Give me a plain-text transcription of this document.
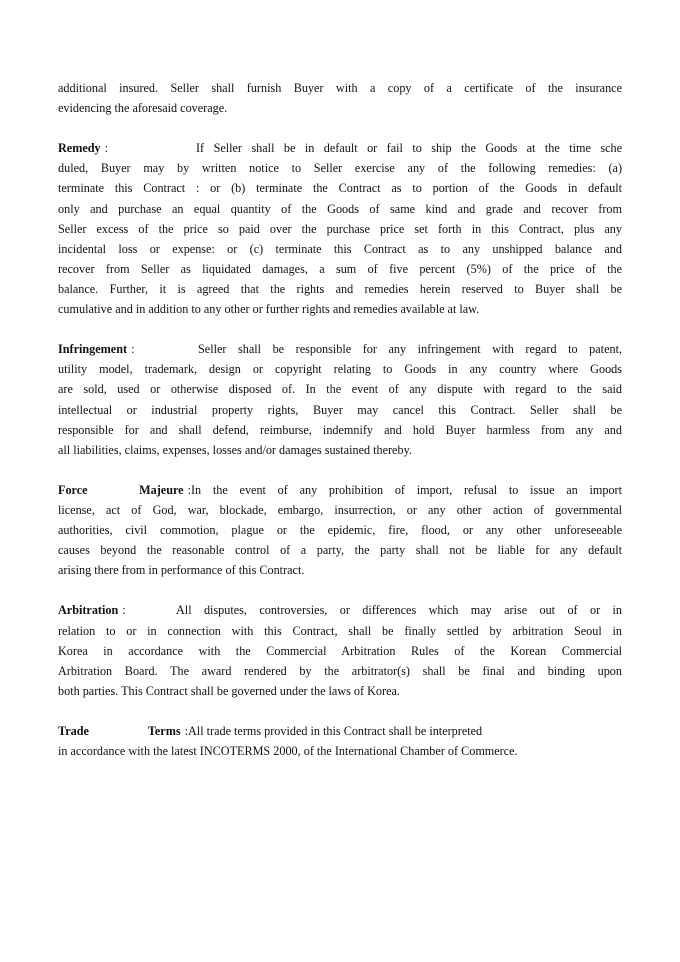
additional insured. Seller shall furnish Buyer with a copy of a certificate of the insurance
evidencing the aforesaid coverage.
Remedy :	If Seller shall be in default or fail to ship the Goods at the time sche
duled, Buyer may by written notice to Seller exercise any of the following remedies: (a)
terminate this Contract : or (b) terminate the Contract as to portion of the Goods in default
only and purchase an equal quantity of the Goods of same kind and grade and recover from
Seller excess of the price so paid over the purchase price set forth in this Contract, plus any
incidental loss or expense: or (c) terminate this Contract as to any unshipped balance and
recover from Seller as liquidated damages, a sum of five percent (5%) of the price of the
balance. Further, it is agreed that the rights and remedies herein reserved to Buyer shall be
cumulative and in addition to any other or further rights and remedies available at law.
Infringement :	Seller shall be responsible for any infringement with regard to patent,
utility model, trademark, design or copyright relating to Goods in any country where Goods
are sold, used or otherwise disposed of. In the event of any dispute with regard to the said
intellectual or industrial property rights, Buyer may cancel this Contract. Seller shall be
responsible for and shall defend, reimburse, indemnify and hold Buyer harmless from any and
all liabilities, claims, expenses, losses and/or damages sustained thereby.
Force Majeure : In the event of any prohibition of import, refusal to issue an import
license, act of God, war, blockade, embargo, insurrection, or any other action of governmental
authorities, civil commotion, plague or the epidemic, fire, flood, or any other unforeseeable
causes beyond the reasonable control of a party, the party shall not be liable for any default
arising there from in performance of this Contract.
Arbitration :	All disputes, controversies, or differences which may arise out of or in
relation to or in connection with this Contract, shall be finally settled by arbitration Seoul in
Korea in accordance with the Commercial Arbitration Rules of the Korean Commercial
Arbitration Board. The award rendered by the arbitrator(s) shall be final and binding upon
both parties. This Contract shall be governed under the laws of Korea.
Trade Terms : All trade terms provided in this Contract shall be interpreted
in accordance with the latest INCOTERMS 2000, of the International Chamber of Commerce.
